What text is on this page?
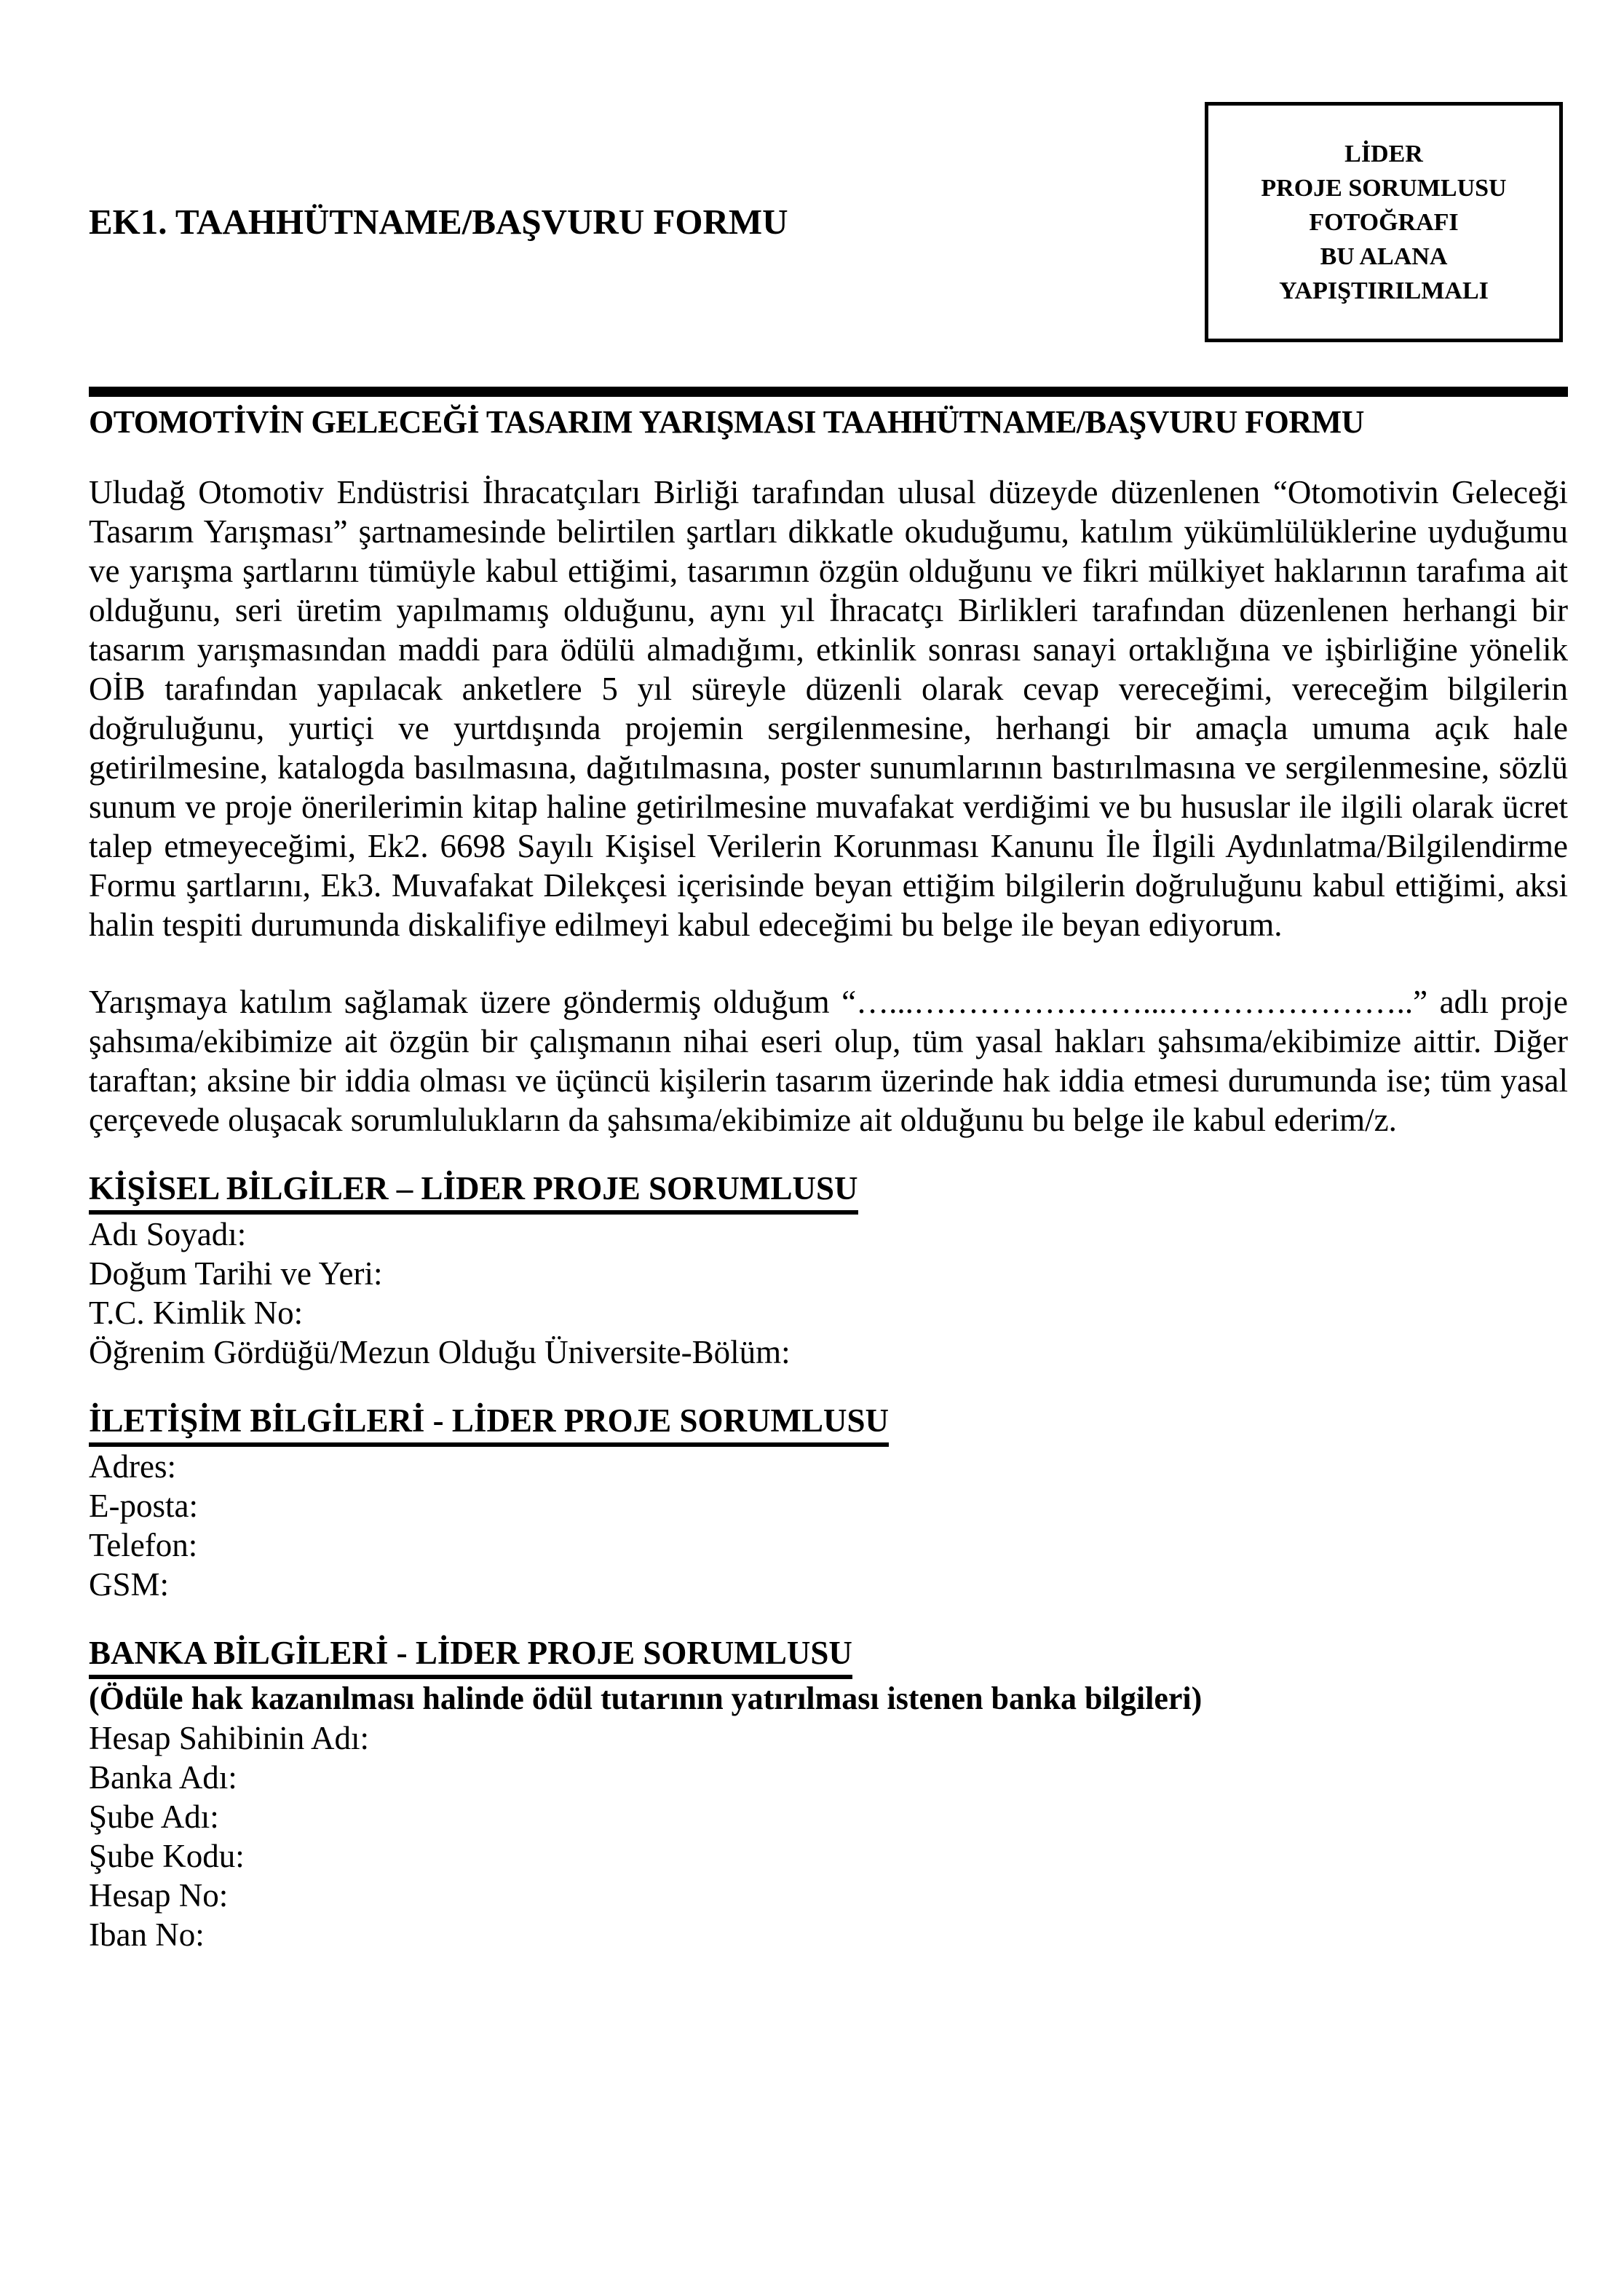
EK1. TAAHHÜTNAME/BAŞVURU FORMU
LİDER
PROJE SORUMLUSU
FOTOĞRAFI
BU ALANA
YAPIŞTIRILMALI
OTOMOTİVİN GELECEĞİ TASARIM YARIŞMASI TAAHHÜTNAME/BAŞVURU FORMU

Uludağ Otomotiv Endüstrisi İhracatçıları Birliği tarafından ulusal düzeyde düzenlenen “Otomotivin Geleceği Tasarım Yarışması” şartnamesinde belirtilen şartları dikkatle okuduğumu, katılım yükümlülüklerine uyduğumu ve yarışma şartlarını tümüyle kabul ettiğimi, tasarımın özgün olduğunu ve fikri mülkiyet haklarının tarafıma ait olduğunu, seri üretim yapılmamış olduğunu, aynı yıl İhracatçı Birlikleri tarafından düzenlenen herhangi bir tasarım yarışmasından maddi para ödülü almadığımı, etkinlik sonrası sanayi ortaklığına ve işbirliğine yönelik OİB tarafından yapılacak anketlere 5 yıl süreyle düzenli olarak cevap vereceğimi, vereceğim bilgilerin doğruluğunu, yurtiçi ve yurtdışında projemin sergilenmesine, herhangi bir amaçla umuma açık hale getirilmesine, katalogda basılmasına, dağıtılmasına, poster sunumlarının bastırılmasına ve sergilenmesine, sözlü sunum ve proje önerilerimin kitap haline getirilmesine muvafakat verdiğimi ve bu hususlar ile ilgili olarak ücret talep etmeyeceğimi, Ek2. 6698 Sayılı Kişisel Verilerin Korunması Kanunu İle İlgili Aydınlatma/Bilgilendirme Formu şartlarını, Ek3. Muvafakat Dilekçesi içerisinde beyan ettiğim bilgilerin doğruluğunu kabul ettiğimi, aksi halin tespiti durumunda diskalifiye edilmeyi kabul edeceğimi bu belge ile beyan ediyorum.

Yarışmaya katılım sağlamak üzere göndermiş olduğum “…...…………………...…………………..” adlı proje şahsıma/ekibimize ait özgün bir çalışmanın nihai eseri olup, tüm yasal hakları şahsıma/ekibimize aittir. Diğer taraftan; aksine bir iddia olması ve üçüncü kişilerin tasarım üzerinde hak iddia etmesi durumunda ise; tüm yasal çerçevede oluşacak sorumlulukların da şahsıma/ekibimize ait olduğunu bu belge ile kabul ederim/z.

KİŞİSEL BİLGİLER – LİDER PROJE SORUMLUSU
Adı Soyadı:
Doğum Tarihi ve Yeri:
T.C. Kimlik No:
Öğrenim Gördüğü/Mezun Olduğu Üniversite-Bölüm:
İLETİŞİM BİLGİLERİ - LİDER PROJE SORUMLUSU
Adres:
E-posta:
Telefon:
GSM:
BANKA BİLGİLERİ - LİDER PROJE SORUMLUSU
(Ödüle hak kazanılması halinde ödül tutarının yatırılması istenen banka bilgileri)
Hesap Sahibinin Adı:
Banka Adı:
Şube Adı:
Şube Kodu:
Hesap No:
Iban No:
